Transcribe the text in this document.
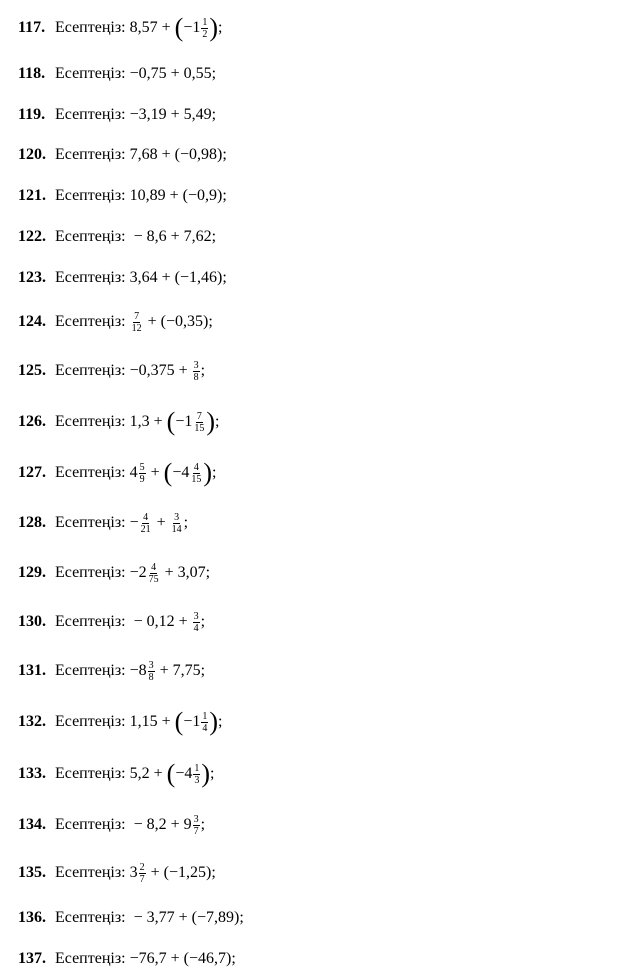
117. Есептеңіз: 8,57 + ( $-1 \frac{1}{2}$ ) ;
118. Есептеңіз: −0,75 + 0,55;
119. Есептеңіз: −3,19 + 5,49;
120. Есептеңіз: 7,68 + (−0,98);
121. Есептеңіз: 10,89 + (−0,9);
122. Есептеңіз: − 8,6 + 7,62;
123. Есептеңіз: 3,64 + (−1,46);
124. Есептеңіз: $\frac{7}{12} + (-0,35)$;
125. Есептеңіз: $-0,375 + \frac{3}{8}$ ;
126. Есептеңіз: 1,3 + ( $-1 \frac{7}{15}$ ) ;
127. Есептеңіз: $4 \frac{5}{9}$ + ( $-4 \frac{4}{15}$ ) ;
128. Есептеңіз: − $\frac{4}{21} + \frac{3}{14}$ ;
129. Есептеңіз: $-2 \frac{4}{75} + 3,07$;
130. Есептеңіз: − $0,12 + \frac{3}{4}$ ;
131. Есептеңіз: $-8 \frac{3}{8} + 7,75$;
132. Есептеңіз: 1,15 + ( $-1 \frac{1}{4}$ ) ;
133. Есептеңіз: 5,2 + ( $-4 \frac{1}{3}$ ) ;
134. Есептеңіз: − $8,2 + 9 \frac{3}{7}$ ;
135. Есептеңіз: $3 \frac{2}{7} + (-1,25)$;
136. Есептеңіз: − 3,77 + (−7,89);
137. Есептеңіз: −76,7 + (−46,7);
